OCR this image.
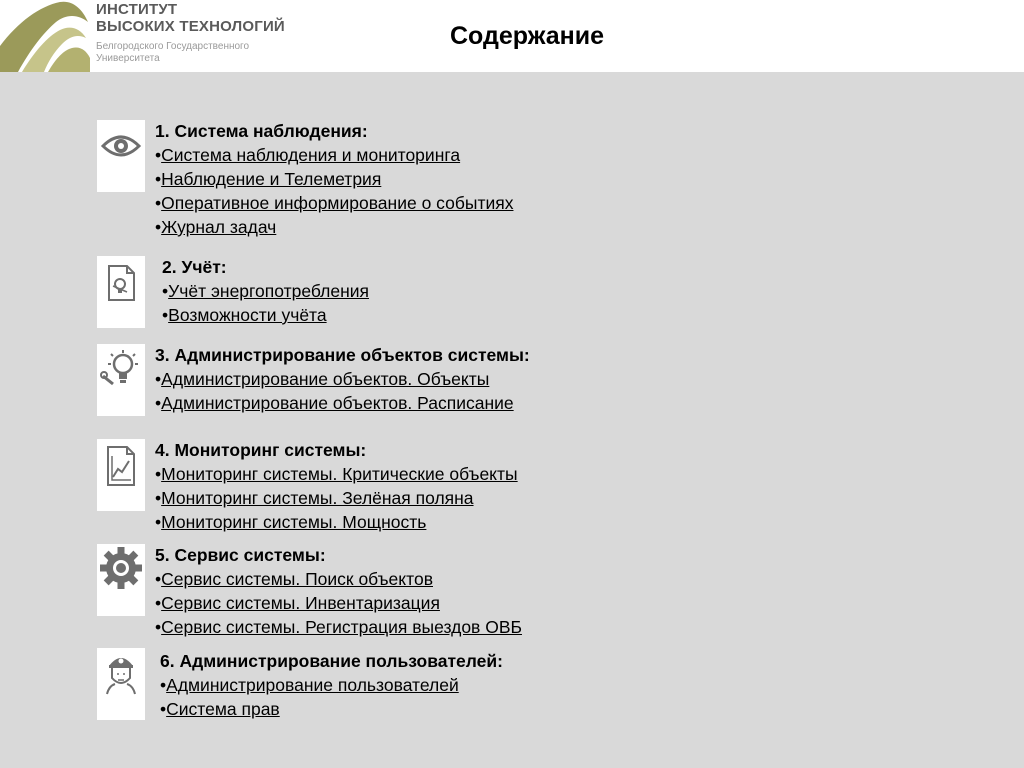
ИНСТИТУТ
ВЫСОКИХ ТЕХНОЛОГИЙ
Белгородского Государственного
Университета
Содержание
1. Система наблюдения:
•Система наблюдения и мониторинга
•Наблюдение и Телеметрия
•Оперативное информирование о событиях
•Журнал задач
2. Учёт:
•Учёт энергопотребления
•Возможности учёта
3. Администрирование объектов системы:
•Администрирование объектов. Объекты
•Администрирование объектов. Расписание
4. Мониторинг системы:
•Мониторинг системы. Критические объекты
•Мониторинг системы. Зелёная поляна
•Мониторинг системы. Мощность
5. Сервис системы:
•Сервис системы. Поиск объектов
•Сервис системы. Инвентаризация
•Сервис системы. Регистрация выездов ОВБ
6. Администрирование пользователей:
•Администрирование пользователей
•Система прав
